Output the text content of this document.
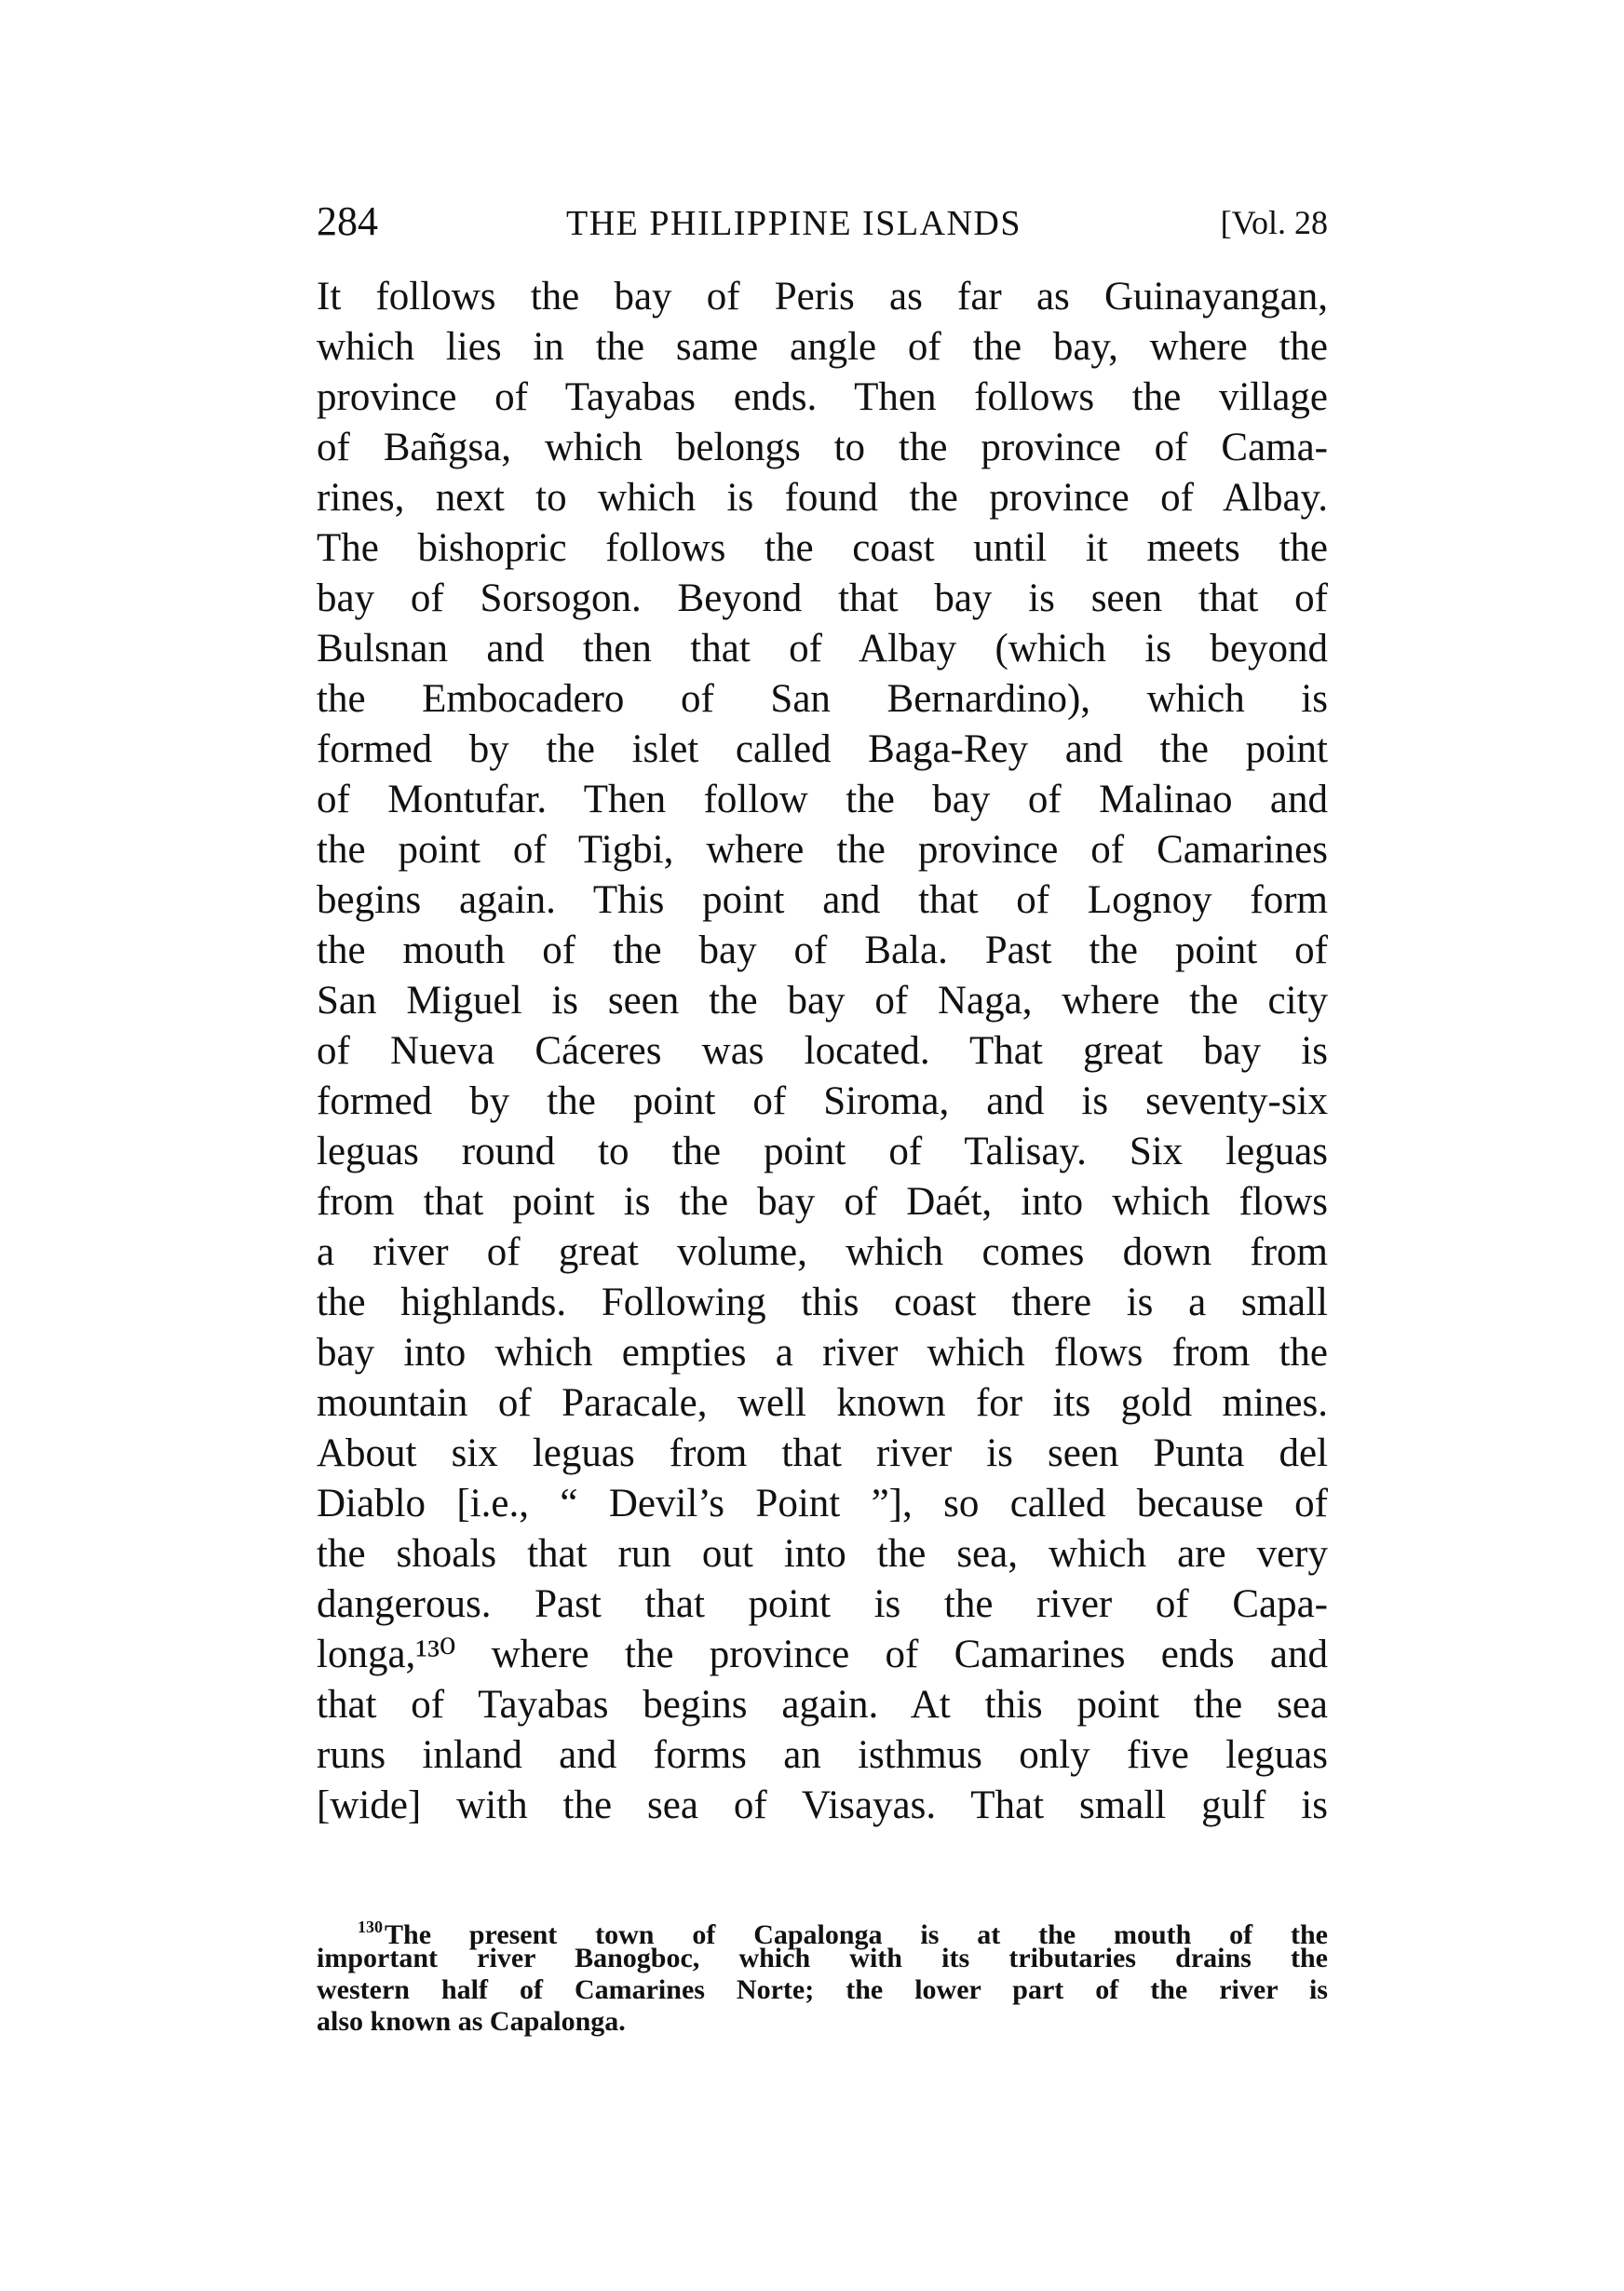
284	THE PHILIPPINE ISLANDS	[Vol. 28
It follows the bay of Peris as far as Guinayangan,
which lies in the same angle of the bay, where the
province of Tayabas ends. Then follows the village
of Bañgsa, which belongs to the province of Cama-
rines, next to which is found the province of Albay.
The bishopric follows the coast until it meets the
bay of Sorsogon. Beyond that bay is seen that of
Bulsnan and then that of Albay (which is beyond
the Embocadero of San Bernardino), which is
formed by the islet called Baga-Rey and the point
of Montufar. Then follow the bay of Malinao and
the point of Tigbi, where the province of Camarines
begins again. This point and that of Lognoy form
the mouth of the bay of Bala. Past the point of
San Miguel is seen the bay of Naga, where the city
of Nueva Cáceres was located. That great bay is
formed by the point of Siroma, and is seventy-six
leguas round to the point of Talisay. Six leguas
from that point is the bay of Daét, into which flows
a river of great volume, which comes down from
the highlands. Following this coast there is a small
bay into which empties a river which flows from the
mountain of Paracale, well known for its gold mines.
About six leguas from that river is seen Punta del
Diablo [i.e., “ Devil’s Point ”], so called because of
the shoals that run out into the sea, which are very
dangerous. Past that point is the river of Capa-
longa,¹³⁰ where the province of Camarines ends and
that of Tayabas begins again. At this point the sea
runs inland and forms an isthmus only five leguas
[wide] with the sea of Visayas. That small gulf is
$^{130}$The present town of Capalonga is at the mouth of the
important river Banogboc, which with its tributaries drains the
western half of Camarines Norte; the lower part of the river is
also known as Capalonga.
